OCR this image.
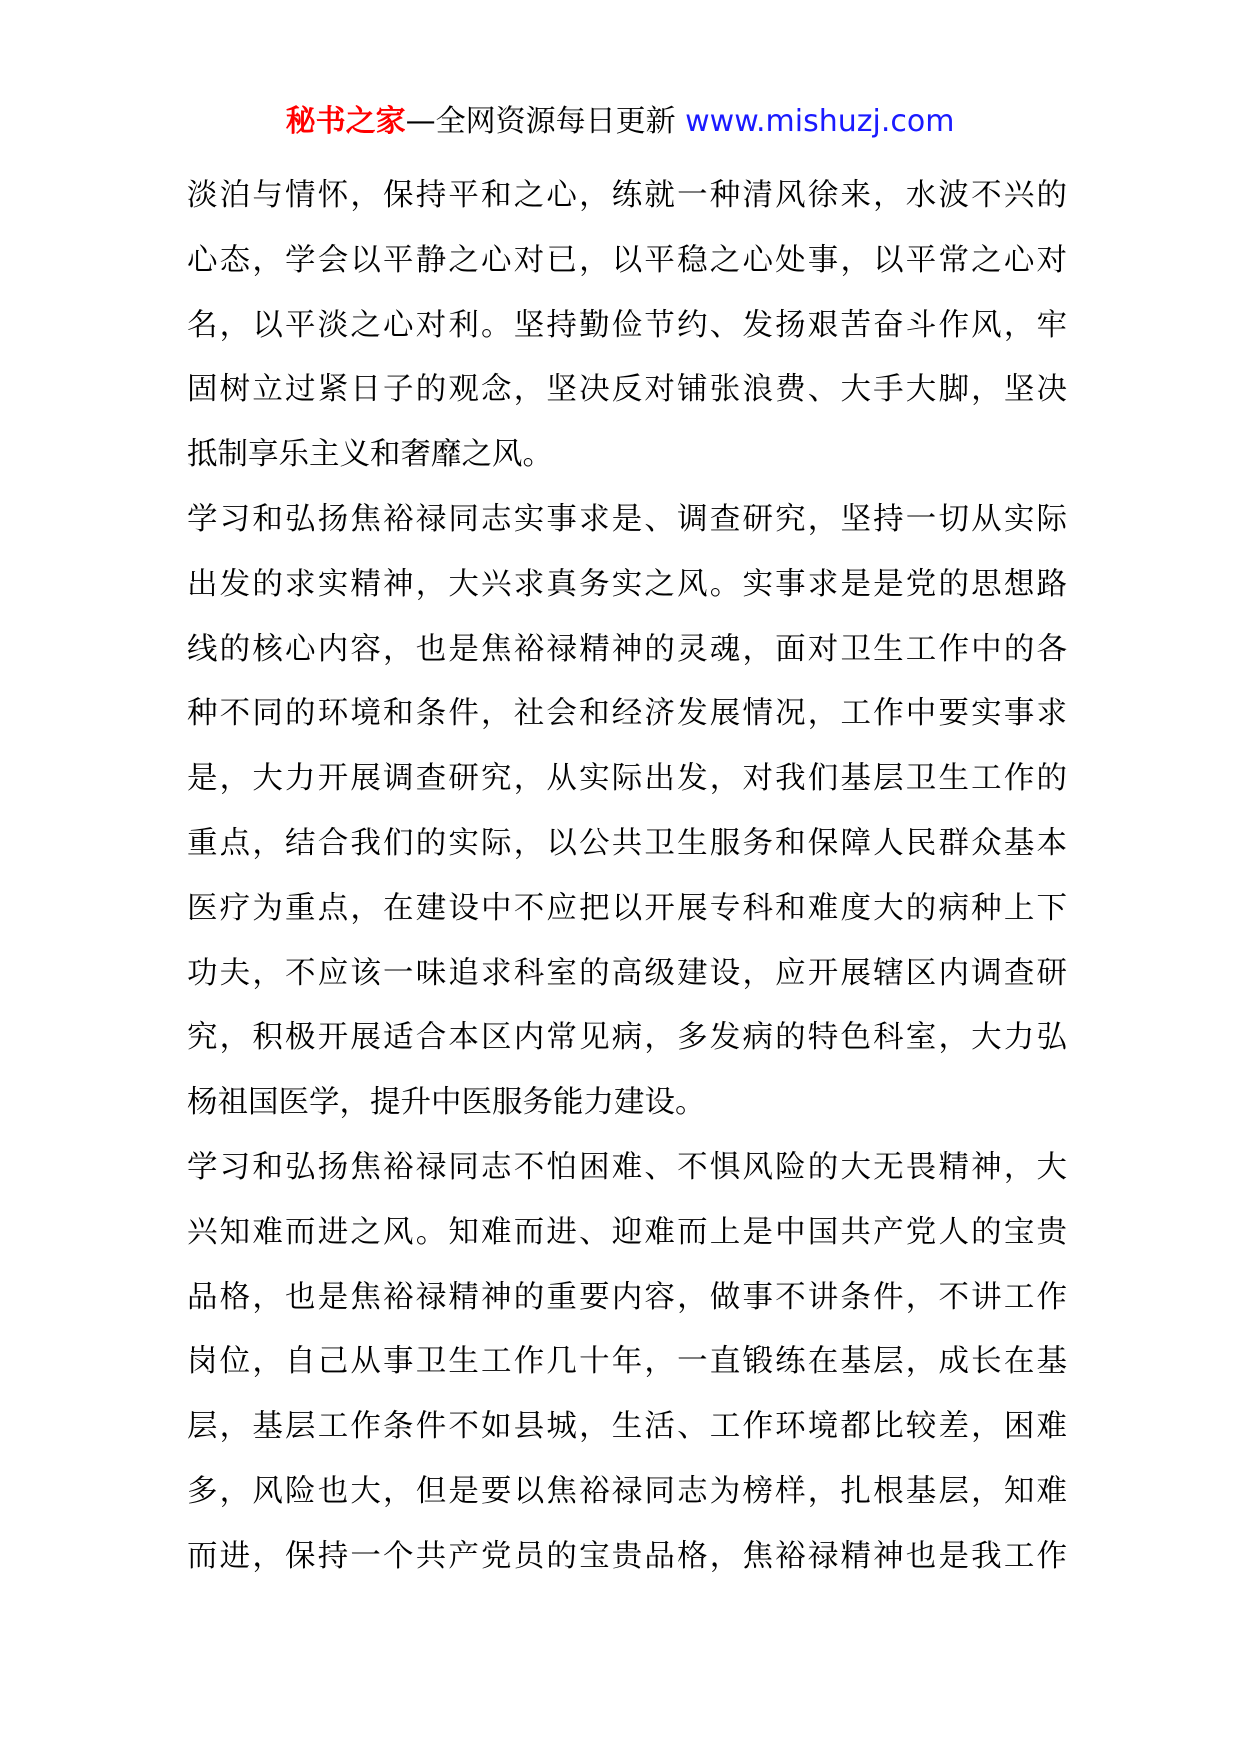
秘书之家—全网资源每日更新 www.mishuzj.com
淡泊与情怀，保持平和之心，练就一种清风徐来，水波不兴的
心态，学会以平静之心对已，以平稳之心处事，以平常之心对
名，以平淡之心对利。坚持勤俭节约、发扬艰苦奋斗作风，牢
固树立过紧日子的观念，坚决反对铺张浪费、大手大脚，坚决
抵制享乐主义和奢靡之风。
学习和弘扬焦裕禄同志实事求是、调查研究，坚持一切从实际
出发的求实精神，大兴求真务实之风。实事求是是党的思想路
线的核心内容，也是焦裕禄精神的灵魂，面对卫生工作中的各
种不同的环境和条件，社会和经济发展情况，工作中要实事求
是，大力开展调查研究，从实际出发，对我们基层卫生工作的
重点，结合我们的实际，以公共卫生服务和保障人民群众基本
医疗为重点，在建设中不应把以开展专科和难度大的病种上下
功夫，不应该一味追求科室的高级建设，应开展辖区内调查研
究，积极开展适合本区内常见病，多发病的特色科室，大力弘
杨祖国医学，提升中医服务能力建设。
学习和弘扬焦裕禄同志不怕困难、不惧风险的大无畏精神，大
兴知难而进之风。知难而进、迎难而上是中国共产党人的宝贵
品格，也是焦裕禄精神的重要内容，做事不讲条件，不讲工作
岗位，自己从事卫生工作几十年，一直锻练在基层，成长在基
层，基层工作条件不如县城，生活、工作环境都比较差，困难
多，风险也大，但是要以焦裕禄同志为榜样，扎根基层，知难
而进，保持一个共产党员的宝贵品格，焦裕禄精神也是我工作
